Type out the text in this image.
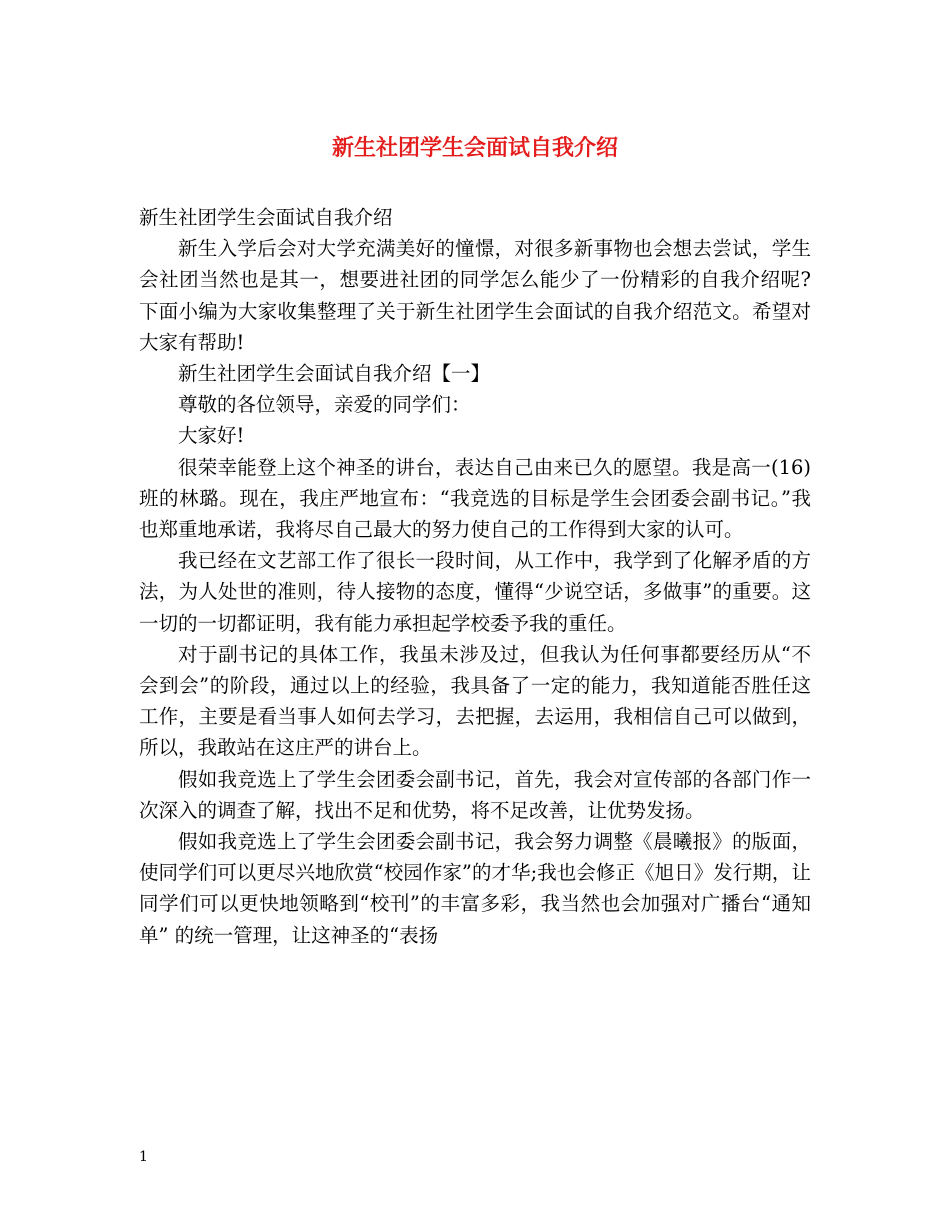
新生社团学生会面试自我介绍

新生社团学生会面试自我介绍

新生入学后会对大学充满美好的憧憬，对很多新事物也会想去尝试，学生会社团当然也是其一，想要进社团的同学怎么能少了一份精彩的自我介绍呢?下面小编为大家收集整理了关于新生社团学生会面试的自我介绍范文。希望对大家有帮助!

新生社团学生会面试自我介绍【一】

尊敬的各位领导，亲爱的同学们：

大家好!

很荣幸能登上这个神圣的讲台，表达自己由来已久的愿望。我是高一(16)班的林璐。现在，我庄严地宣布：“我竞选的目标是学生会团委会副书记。”我也郑重地承诺，我将尽自己最大的努力使自己的工作得到大家的认可。

我已经在文艺部工作了很长一段时间，从工作中，我学到了化解矛盾的方法，为人处世的准则，待人接物的态度，懂得“少说空话，多做事”的重要。这一切的一切都证明，我有能力承担起学校委予我的重任。

对于副书记的具体工作，我虽未涉及过，但我认为任何事都要经历从“不会到会”的阶段，通过以上的经验，我具备了一定的能力，我知道能否胜任这工作，主要是看当事人如何去学习，去把握，去运用，我相信自己可以做到，所以，我敢站在这庄严的讲台上。

假如我竞选上了学生会团委会副书记，首先，我会对宣传部的各部门作一次深入的调查了解，找出不足和优势，将不足改善，让优势发扬。

假如我竞选上了学生会团委会副书记，我会努力调整《晨曦报》的版面，使同学们可以更尽兴地欣赏“校园作家”的才华;我也会修正《旭日》发行期，让同学们可以更快地领略到“校刊”的丰富多彩，我当然也会加强对广播台“通知单” 的统一管理，让这神圣的“表扬

1
